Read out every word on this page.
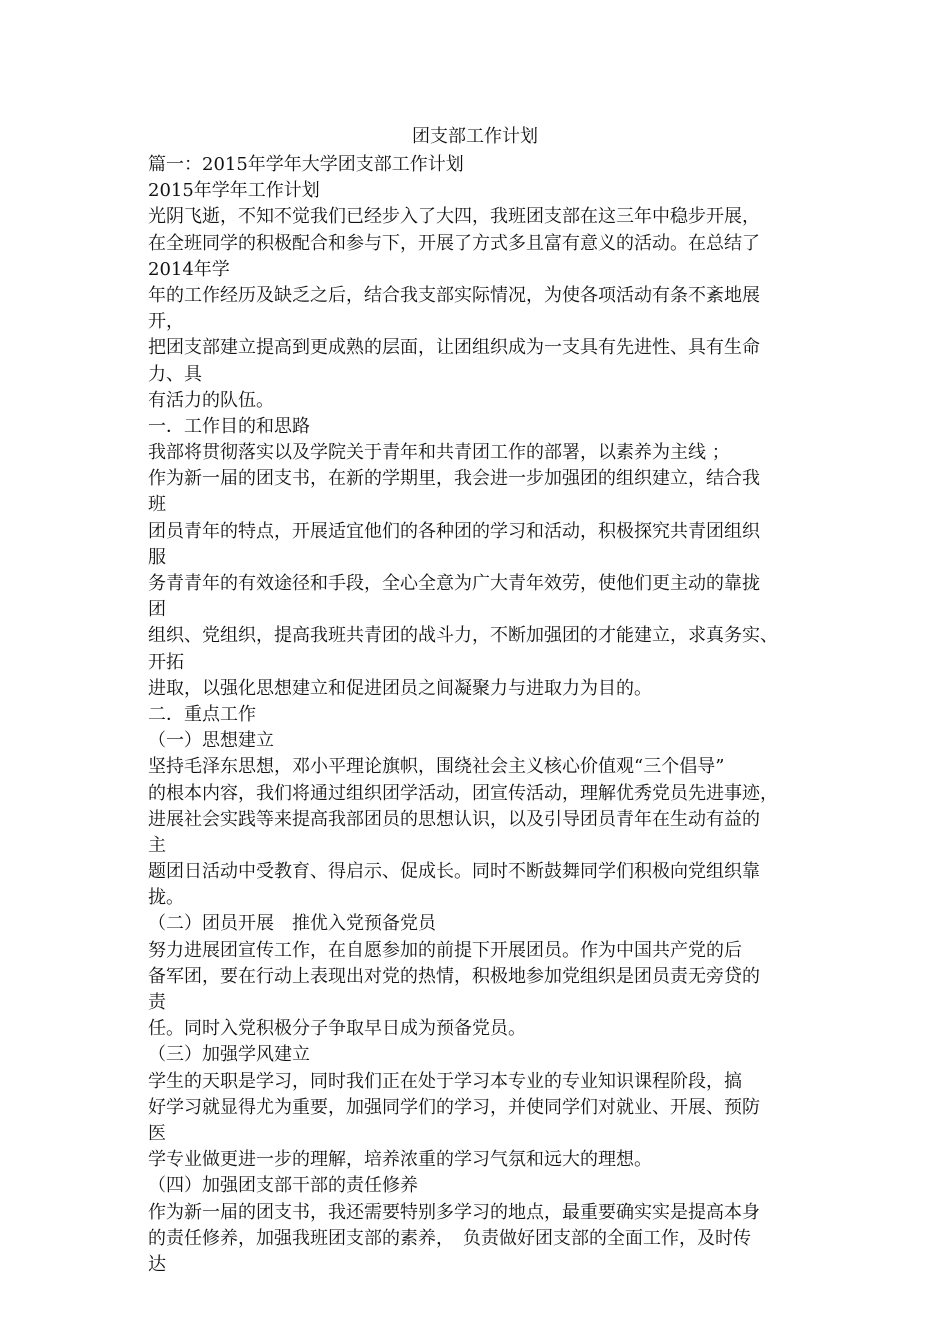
团支部工作计划

篇一：2015年学年大学团支部工作计划

2015年学年工作计划

光阴飞逝，不知不觉我们已经步入了大四，我班团支部在这三年中稳步开展，

在全班同学的积极配合和参与下，开展了方式多且富有意义的活动。在总结了

2014年学

年的工作经历及缺乏之后，结合我支部实际情况，为使各项活动有条不紊地展

开，

把团支部建立提高到更成熟的层面，让团组织成为一支具有先进性、具有生命

力、具

有活力的队伍。

一．工作目的和思路

我部将贯彻落实以及学院关于青年和共青团工作的部署，以素养为主线 ；

作为新一届的团支书，在新的学期里，我会进一步加强团的组织建立，结合我

班

团员青年的特点，开展适宜他们的各种团的学习和活动，积极探究共青团组织

服

务青青年的有效途径和手段，全心全意为广大青年效劳，使他们更主动的靠拢

团

组织、党组织，提高我班共青团的战斗力，不断加强团的才能建立，求真务实、

开拓

进取，以强化思想建立和促进团员之间凝聚力与进取力为目的。

二．重点工作

（一）思想建立

坚持毛泽东思想，邓小平理论旗帜，围绕社会主义核心价值观“三个倡导”

的根本内容，我们将通过组织团学活动，团宣传活动，理解优秀党员先进事迹，

进展社会实践等来提高我部团员的思想认识，以及引导团员青年在生动有益的

主

题团日活动中受教育、得启示、促成长。同时不断鼓舞同学们积极向党组织靠

拢。

（二）团员开展　推优入党预备党员

努力进展团宣传工作，在自愿参加的前提下开展团员。作为中国共产党的后

备军团，要在行动上表现出对党的热情，积极地参加党组织是团员责无旁贷的

责

任。同时入党积极分子争取早日成为预备党员。

（三）加强学风建立

学生的天职是学习，同时我们正在处于学习本专业的专业知识课程阶段，搞

好学习就显得尤为重要，加强同学们的学习，并使同学们对就业、开展、预防

医

学专业做更进一步的理解，培养浓重的学习气氛和远大的理想。

（四）加强团支部干部的责任修养

作为新一届的团支书，我还需要特别多学习的地点，最重要确实实是提高本身

的责任修养，加强我班团支部的素养，　负责做好团支部的全面工作，及时传

达
